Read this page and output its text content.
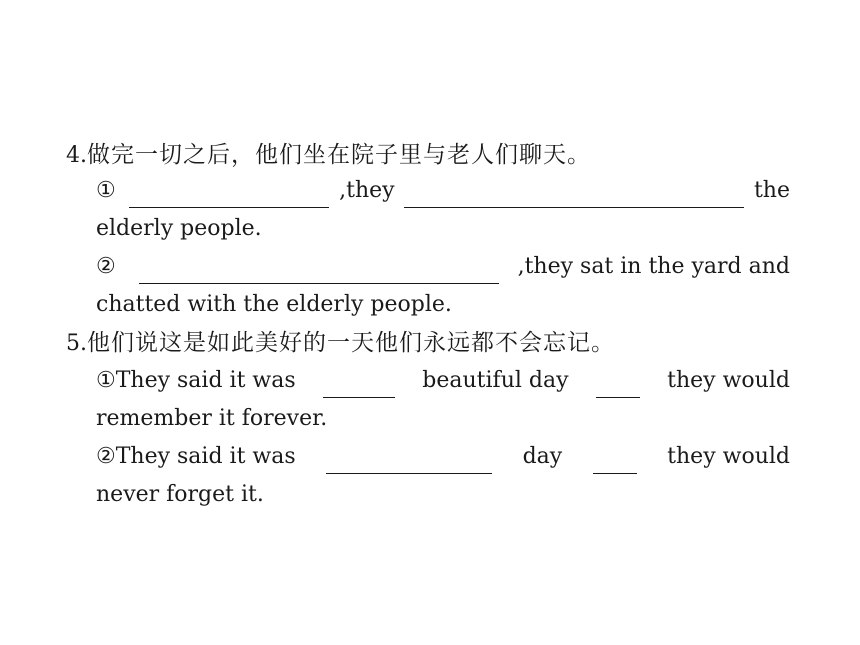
4.做完一切之后，他们坐在院子里与老人们聊天。
①	,they	the
elderly people.
②	,they sat in the yard and
chatted with the elderly people.
5.他们说这是如此美好的一天他们永远都不会忘记。
①They said it was	beautiful day	they would
remember it forever.
②They said it was	day	they would
never forget it.
